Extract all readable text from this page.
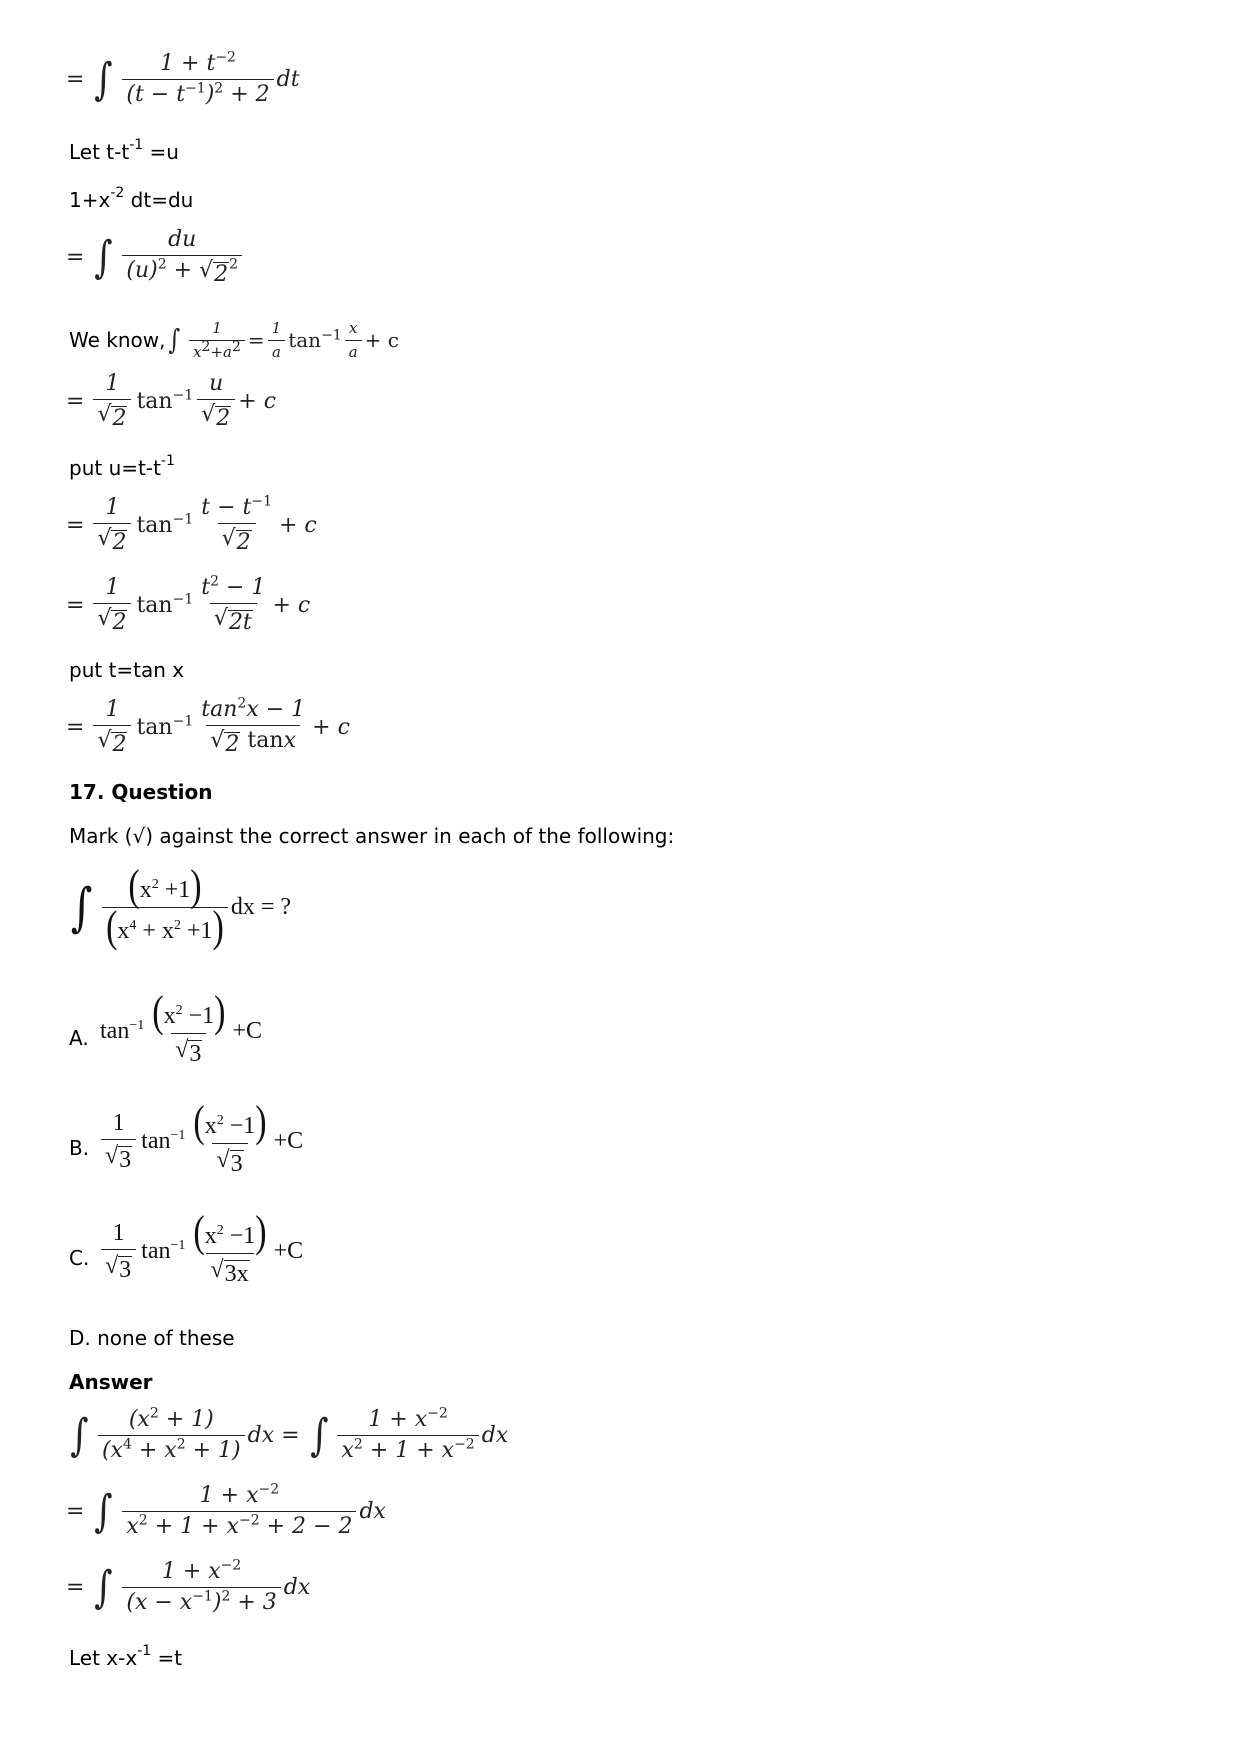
= ∫ $\frac{1 + t^{-2}}{(t - t^{-1})^2 + 2}$ dt
Let $t-t^{-1} =u$
$1+x^{-2}$ dt=du
= ∫ $\frac{du}{(u)^2 + √ 2 ^2}$
We know, ∫ $\frac{1}{x2+a2} = \frac{1}{a} \tan^{-1} \frac{x}{a} + c$
= $\frac{1}{√ 2} \tan^{-1} \frac{u}{√ 2} + c$
put $u=t-t^{-1}$
= $\frac{1}{√ 2} \tan^{-1} \frac{t - t^{-1}}{√ 2} + c$
= $\frac{1}{√ 2} \tan^{-1} \frac{t^2 - 1}{√ 2t} + c$
put t=tan x
= $\frac{1}{√ 2} \tan^{-1} \frac{\tan^2x - 1}{√ 2 \tan x} + c$
17. Question
Mark (√) against the correct answer in each of the following:
∫ $\frac{(x^2 +1)}{(x^4 + x^2 +1)}$ dx = ?
A. $\tan^{-1} \frac{(x^2 -1)}{√ 3} +C$
B. $\frac{1}{√ 3} \tan^{-1} \frac{(x^2 -1)}{√ 3} +C$
C. $\frac{1}{√ 3} \tan^{-1} \frac{(x^2 -1)}{√ 3x} +C$
D. none of these
Answer
∫ $\frac{(x^2 + 1)}{(x^4 + x^2 + 1)}$ dx
= ∫ $\frac{1 + x^{-2}}{x^2 + 1 + x^{-2}}$ dx
= ∫ $\frac{1 + x^{-2}}{x^2 + 1 + x^{-2} + 2 - 2}$ dx
= ∫ $\frac{1 + x^{-2}}{(x - x^{-1})^2 + 3}$ dx
Let $x-x^{-1} =t$
